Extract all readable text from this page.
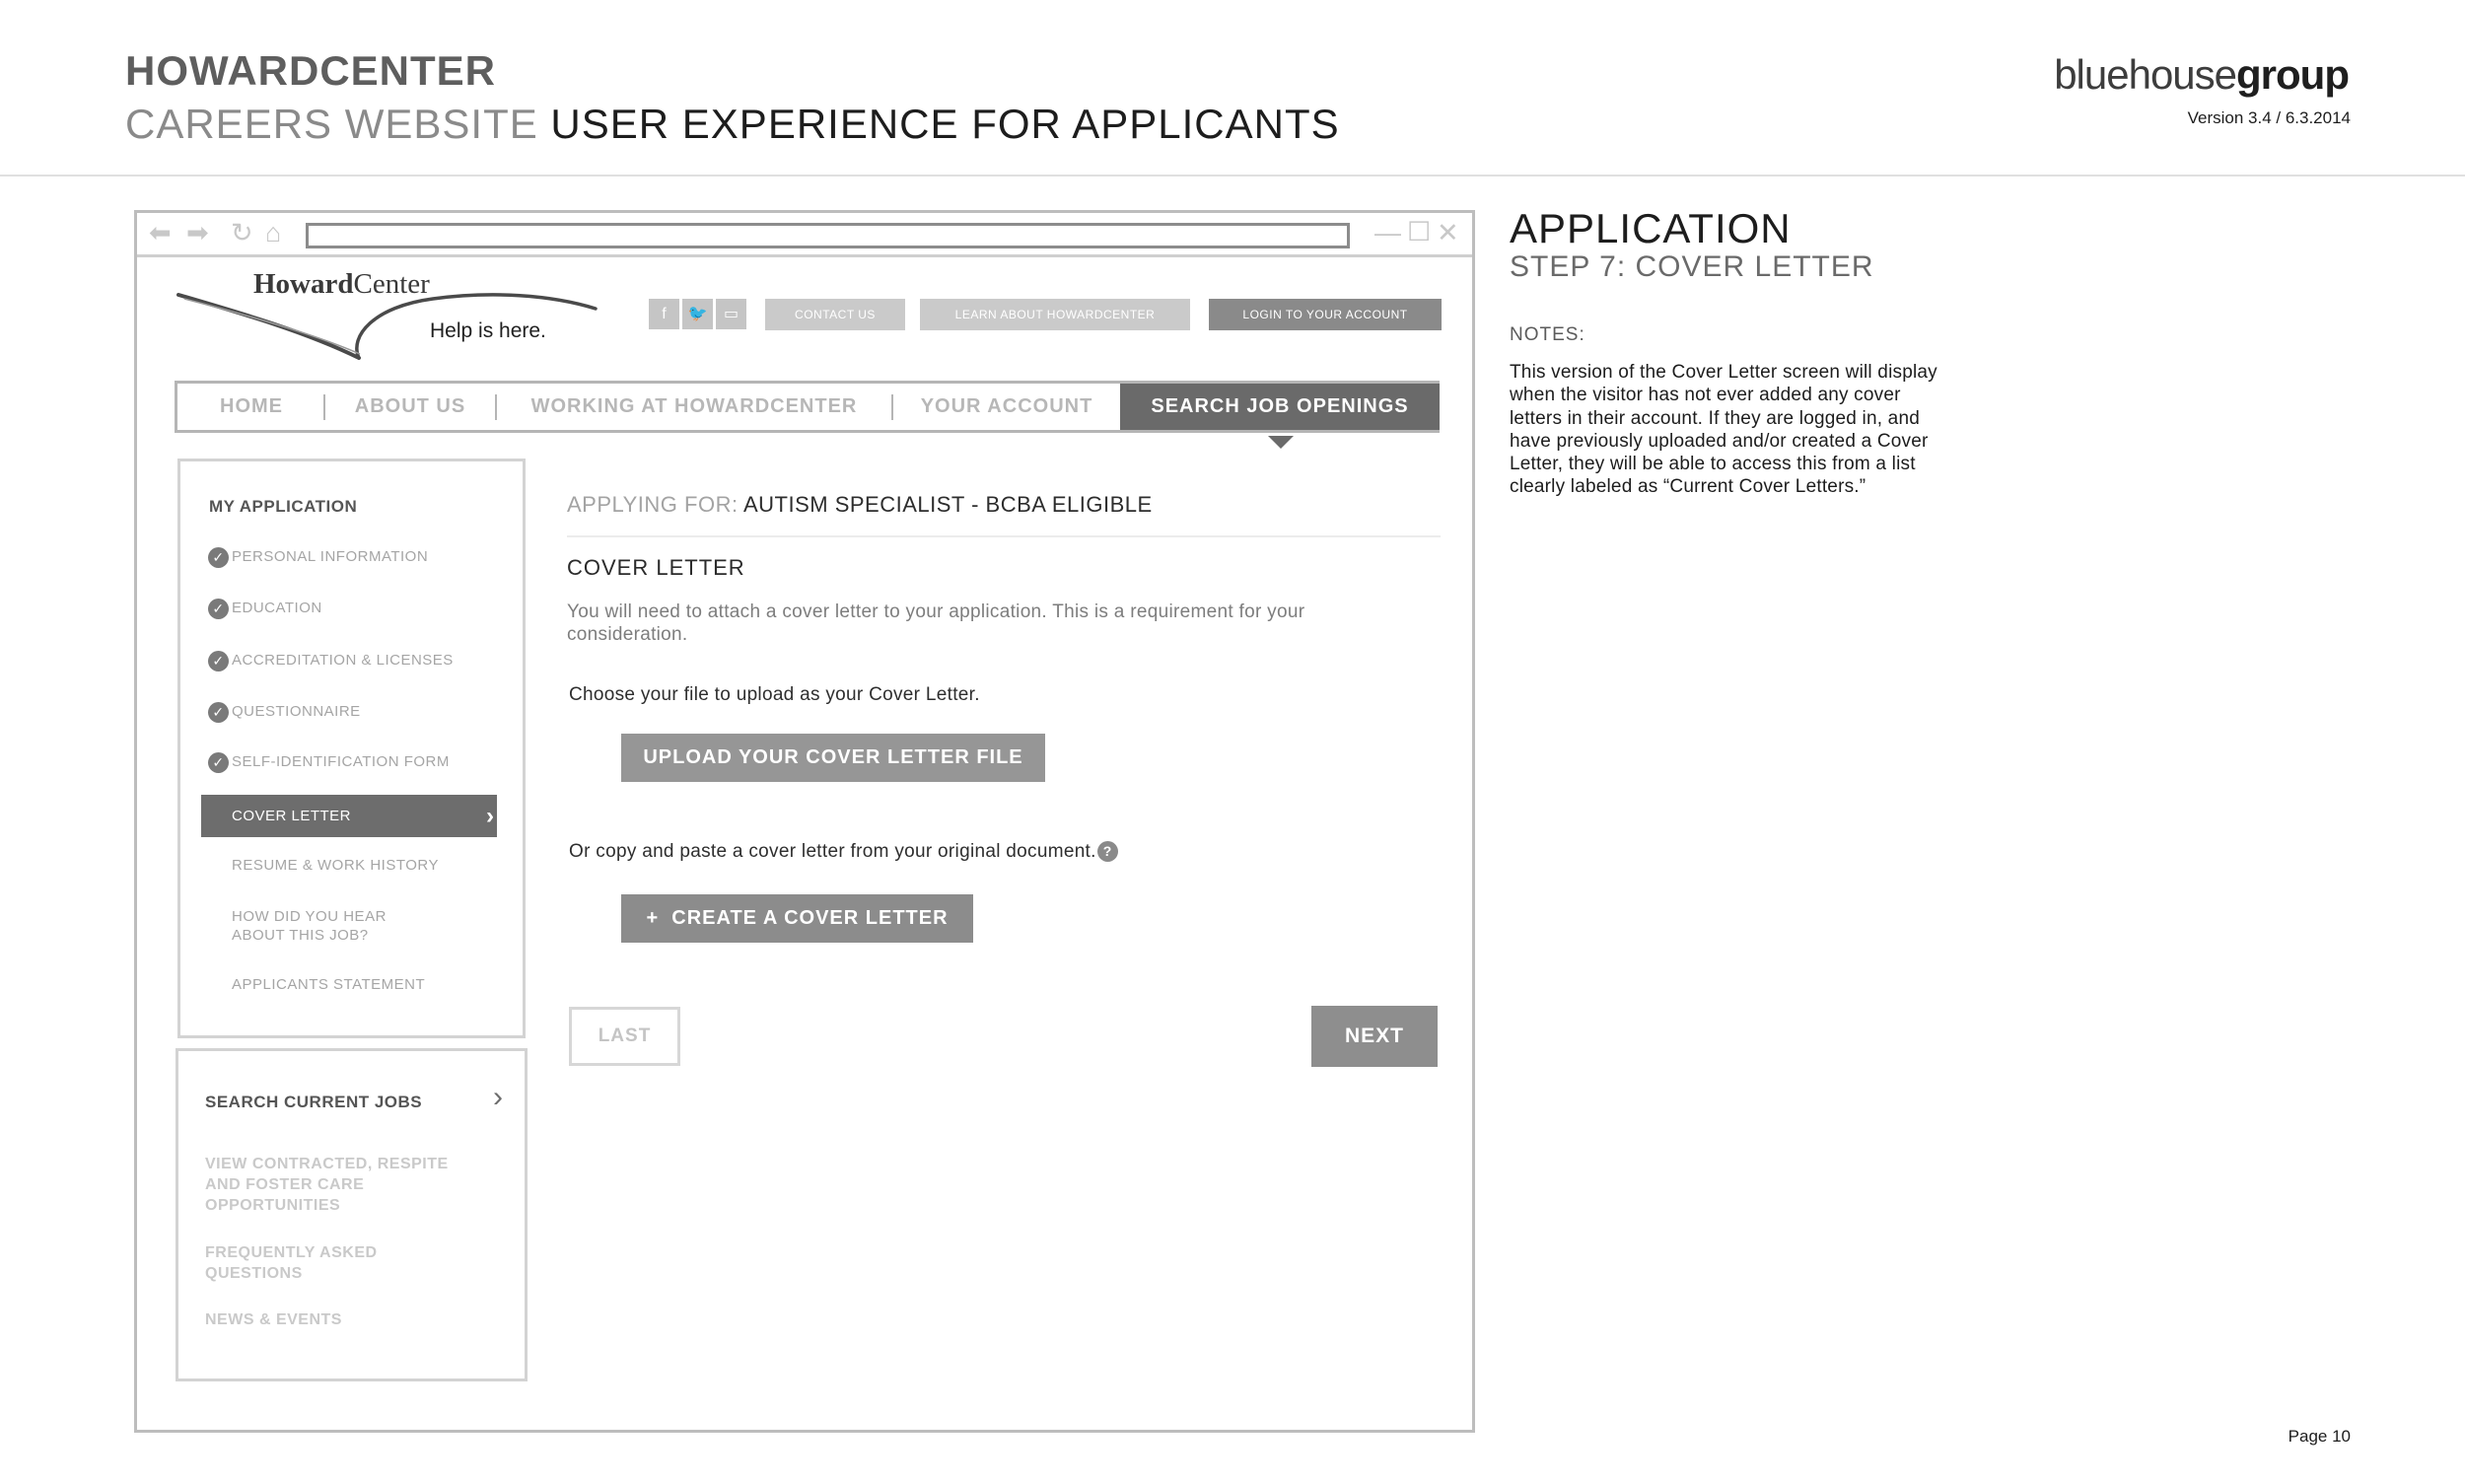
HOWARDCENTER
CAREERS WEBSITE USER EXPERIENCE FOR APPLICANTS
bluehousegroup
Version 3.4 / 6.3.2014
⬅ ➡ ↻ ⌂	— ☐ ✕
HowardCenter
Help is here.
f	🐦	▭	CONTACT US	LEARN ABOUT HOWARDCENTER	LOGIN TO YOUR ACCOUNT
HOME	ABOUT US	WORKING AT HOWARDCENTER	YOUR ACCOUNT	SEARCH JOB OPENINGS
MY APPLICATION
✓ PERSONAL INFORMATION
✓ EDUCATION
✓ ACCREDITATION & LICENSES
✓ QUESTIONNAIRE
✓ SELF-IDENTIFICATION FORM
COVER LETTER	›
RESUME & WORK HISTORY
HOW DID YOU HEAR
ABOUT THIS JOB?
APPLICANTS STATEMENT
SEARCH CURRENT JOBS ›
VIEW CONTRACTED, RESPITE
AND FOSTER CARE
OPPORTUNITIES
FREQUENTLY ASKED
QUESTIONS
NEWS & EVENTS
APPLYING FOR: AUTISM SPECIALIST - BCBA ELIGIBLE
COVER LETTER
You will need to attach a cover letter to your application. This is a requirement for your consideration.
Choose your file to upload as your Cover Letter.
UPLOAD YOUR COVER LETTER FILE
Or copy and paste a cover letter from your original document. ?
+ CREATE A COVER LETTER
LAST	NEXT
APPLICATION
STEP 7: COVER LETTER
NOTES:
This version of the Cover Letter screen will display when the visitor has not ever added any cover letters in their account. If they are logged in, and have previously uploaded and/or created a Cover Letter, they will be able to access this from a list clearly labeled as “Current Cover Letters.”
Page 10
